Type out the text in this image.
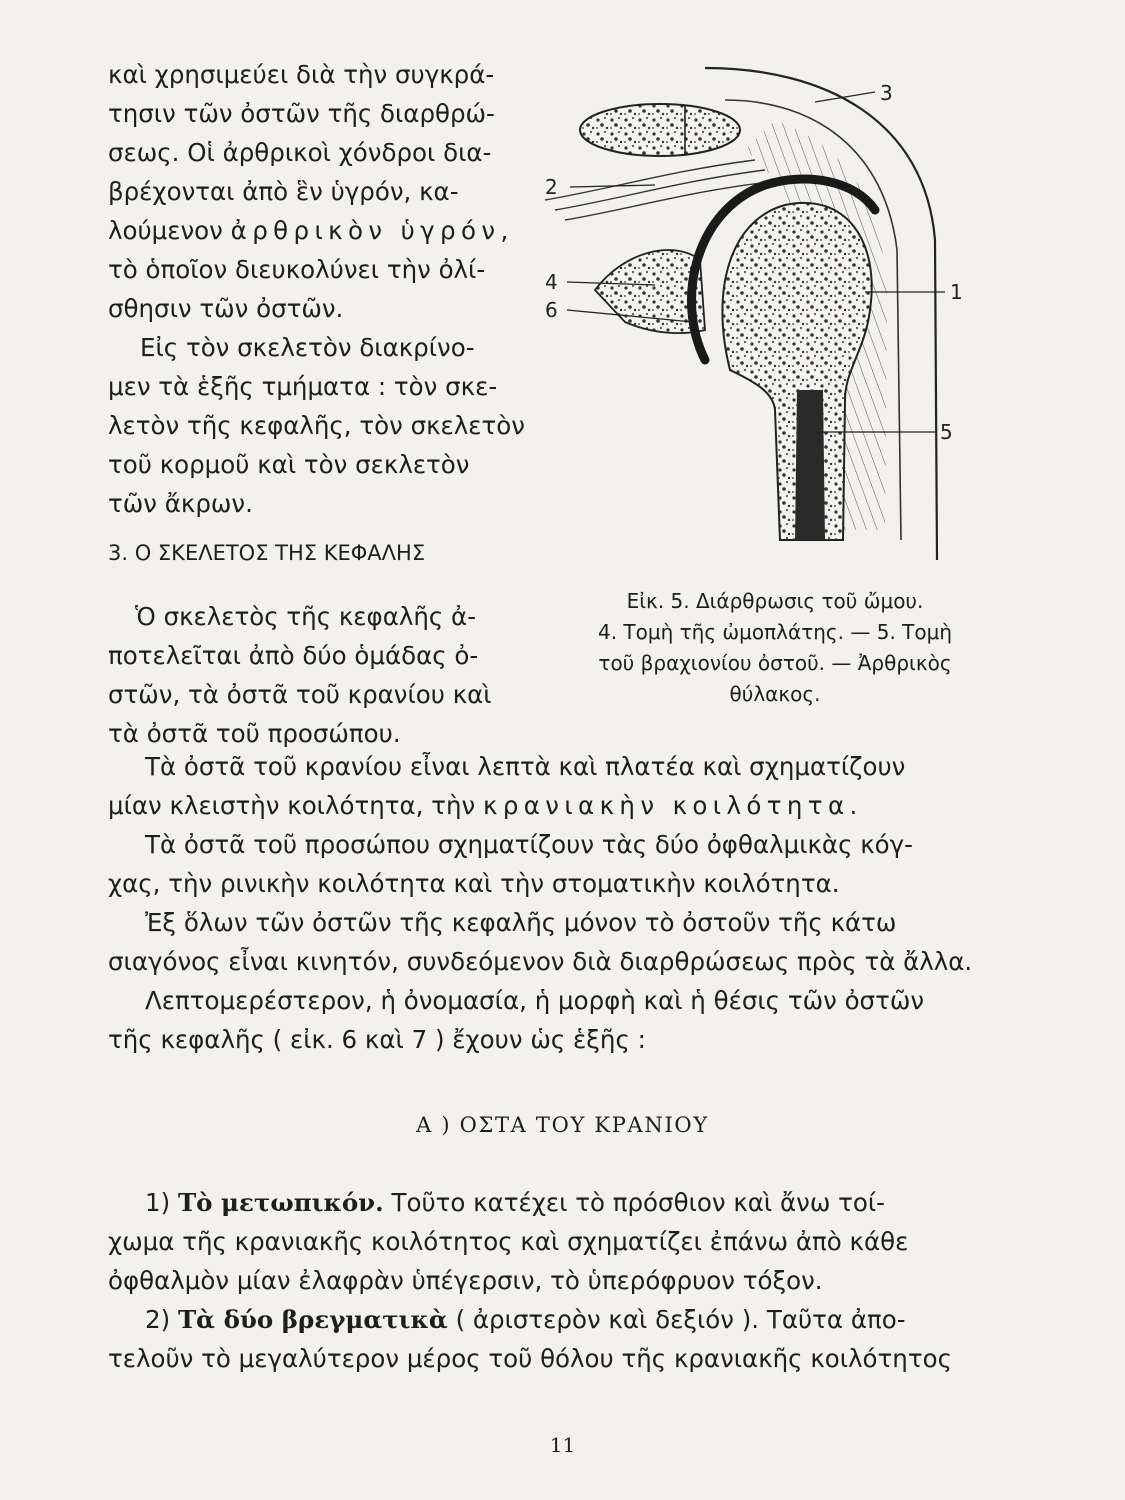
καὶ χρησιμεύει διὰ τὴν συγκρά-
τησιν τῶν ὀστῶν τῆς διαρθρώ-
σεως. Οἱ ἀρθρικοὶ χόνδροι δια-
βρέχονται ἀπὸ ἓν ὑγρόν, κα-
λούμενον ἀρθρικὸν ὑγρόν,
τὸ ὁποῖον διευκολύνει τὴν ὀλί-
σθησιν τῶν ὀστῶν.
Εἰς τὸν σκελετὸν διακρίνο-
μεν τὰ ἑξῆς τμήματα : τὸν σκε-
λετὸν τῆς κεφαλῆς, τὸν σκελετὸν
τοῦ κορμοῦ καὶ τὸν σεκλετὸν
τῶν ἄκρων.
3. Ο ΣΚΕΛΕΤΟΣ ΤΗΣ ΚΕΦΑΛΗΣ
Ὁ σκελετὸς τῆς κεφαλῆς ἀ-
ποτελεῖται ἀπὸ δύο ὁμάδας ὀ-
στῶν, τὰ ὀστᾶ τοῦ κρανίου καὶ
τὰ ὀστᾶ τοῦ προσώπου.
3
2
4
6
1
5
Εἰκ. 5. Διάρθρωσις τοῦ ὤμου.
4. Τομὴ τῆς ὠμοπλάτης. — 5. Τομὴ
τοῦ βραχιονίου ὀστοῦ. — Ἀρθρικὸς
θύλακος.
Τὰ ὀστᾶ τοῦ κρανίου εἶναι λεπτὰ καὶ πλατέα καὶ σχηματίζουν
μίαν κλειστὴν κοιλότητα, τὴν κρανιακὴν κοιλότητα.
Τὰ ὀστᾶ τοῦ προσώπου σχηματίζουν τὰς δύο ὀφθαλμικὰς κόγ-
χας, τὴν ρινικὴν κοιλότητα καὶ τὴν στοματικὴν κοιλότητα.
Ἐξ ὅλων τῶν ὀστῶν τῆς κεφαλῆς μόνον τὸ ὀστοῦν τῆς κάτω
σιαγόνος εἶναι κινητόν, συνδεόμενον διὰ διαρθρώσεως πρὸς τὰ ἄλλα.
Λεπτομερέστερον, ἡ ὀνομασία, ἡ μορφὴ καὶ ἡ θέσις τῶν ὀστῶν
τῆς κεφαλῆς ( εἰκ. 6 καὶ 7 ) ἔχουν ὡς ἑξῆς :
Α ) ΟΣΤΑ ΤΟΥ ΚΡΑΝΙΟΥ
1) Τὸ μετωπικόν. Τοῦτο κατέχει τὸ πρόσθιον καὶ ἄνω τοί-
χωμα τῆς κρανιακῆς κοιλότητος καὶ σχηματίζει ἐπάνω ἀπὸ κάθε
ὀφθαλμὸν μίαν ἐλαφρὰν ὑπέγερσιν, τὸ ὑπερόφρυον τόξον.
2) Τὰ δύο βρεγματικὰ ( ἀριστερὸν καὶ δεξιόν ). Ταῦτα ἀπο-
τελοῦν τὸ μεγαλύτερον μέρος τοῦ θόλου τῆς κρανιακῆς κοιλότητος
11
